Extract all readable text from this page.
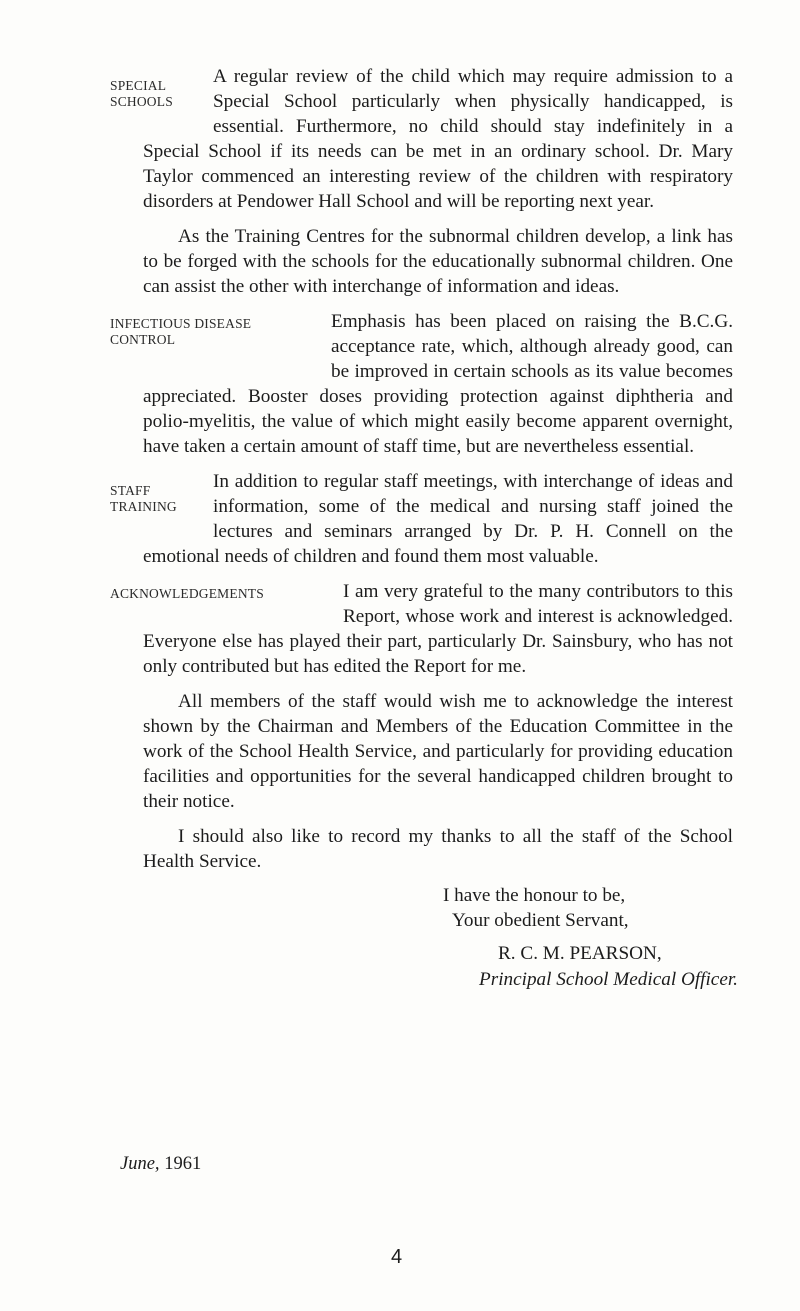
SPECIAL
SCHOOLS
A regular review of the child which may require admission to a Special School particularly when physically handicapped, is essential. Furthermore, no child should stay indefinitely in a Special School if its needs can be met in an ordinary school. Dr. Mary Taylor commenced an interesting review of the children with respiratory disorders at Pendower Hall School and will be reporting next year.

As the Training Centres for the subnormal children develop, a link has to be forged with the schools for the educationally subnormal children. One can assist the other with interchange of information and ideas.

INFECTIOUS DISEASE
CONTROL
Emphasis has been placed on raising the B.C.G. acceptance rate, which, although already good, can be improved in certain schools as its value becomes appreciated. Booster doses providing protection against diphtheria and polio-myelitis, the value of which might easily become apparent overnight, have taken a certain amount of staff time, but are nevertheless essential.

STAFF
TRAINING
In addition to regular staff meetings, with interchange of ideas and information, some of the medical and nursing staff joined the lectures and seminars arranged by Dr. P. H. Connell on the emotional needs of children and found them most valuable.

ACKNOWLEDGEMENTS	I am very grateful to the many contributors to this Report, whose work and interest is acknowledged. Everyone else has played their part, particularly Dr. Sainsbury, who has not only contributed but has edited the Report for me.

All members of the staff would wish me to acknowledge the interest shown by the Chairman and Members of the Education Committee in the work of the School Health Service, and particularly for providing education facilities and opportunities for the several handicapped children brought to their notice.

I should also like to record my thanks to all the staff of the School Health Service.

I have the honour to be,
Your obedient Servant,
R. C. M. PEARSON,
Principal School Medical Officer.
June, 1961
4
